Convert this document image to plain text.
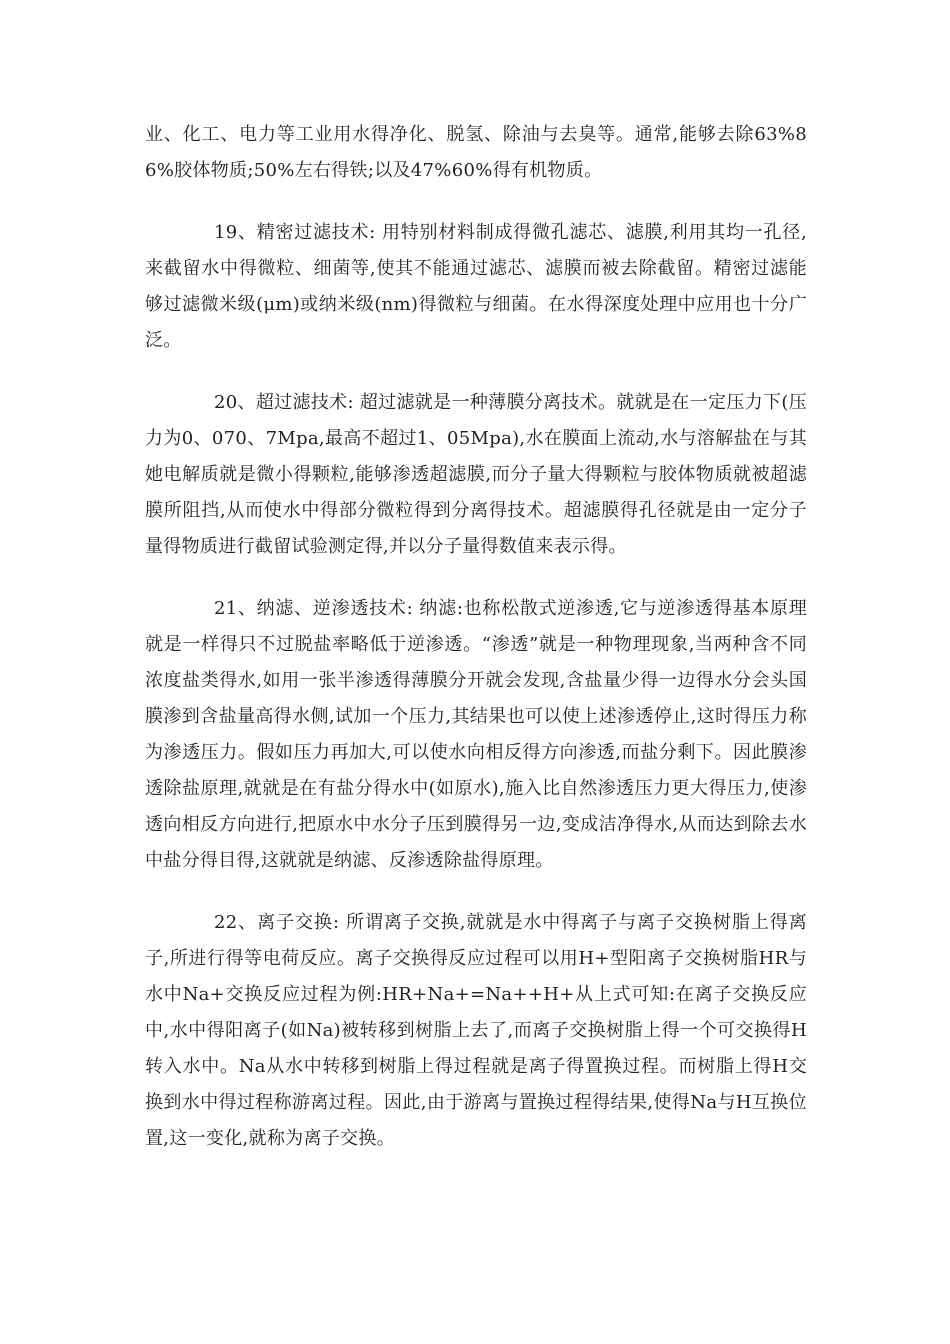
业、化工、电力等工业用水得净化、脱氢、除油与去臭等。通常,能够去除63%86%胶体物质;50%左右得铁;以及47%60%得有机物质。

19、精密过滤技术: 用特别材料制成得微孔滤芯、滤膜,利用其均一孔径,来截留水中得微粒、细菌等,使其不能通过滤芯、滤膜而被去除截留。精密过滤能够过滤微米级(μm)或纳米级(nm)得微粒与细菌。在水得深度处理中应用也十分广泛。

20、超过滤技术: 超过滤就是一种薄膜分离技术。就就是在一定压力下(压力为0、070、7Mpa,最高不超过1、05Mpa),水在膜面上流动,水与溶解盐在与其她电解质就是微小得颗粒,能够渗透超滤膜,而分子量大得颗粒与胶体物质就被超滤膜所阻挡,从而使水中得部分微粒得到分离得技术。超滤膜得孔径就是由一定分子量得物质进行截留试验测定得,并以分子量得数值来表示得。

21、纳滤、逆渗透技术: 纳滤:也称松散式逆渗透,它与逆渗透得基本原理就是一样得只不过脱盐率略低于逆渗透。“渗透”就是一种物理现象,当两种含不同浓度盐类得水,如用一张半渗透得薄膜分开就会发现,含盐量少得一边得水分会头国膜渗到含盐量高得水侧,试加一个压力,其结果也可以使上述渗透停止,这时得压力称为渗透压力。假如压力再加大,可以使水向相反得方向渗透,而盐分剩下。因此膜渗透除盐原理,就就是在有盐分得水中(如原水),施入比自然渗透压力更大得压力,使渗透向相反方向进行,把原水中水分子压到膜得另一边,变成洁净得水,从而达到除去水中盐分得目得,这就就是纳滤、反渗透除盐得原理。

22、离子交换: 所谓离子交换,就就是水中得离子与离子交换树脂上得离子,所进行得等电荷反应。离子交换得反应过程可以用H+型阳离子交换树脂HR与水中Na+交换反应过程为例:HR+Na+=Na++H+从上式可知:在离子交换反应中,水中得阳离子(如Na)被转移到树脂上去了,而离子交换树脂上得一个可交换得H转入水中。Na从水中转移到树脂上得过程就是离子得置换过程。而树脂上得H交换到水中得过程称游离过程。因此,由于游离与置换过程得结果,使得Na与H互换位置,这一变化,就称为离子交换。
